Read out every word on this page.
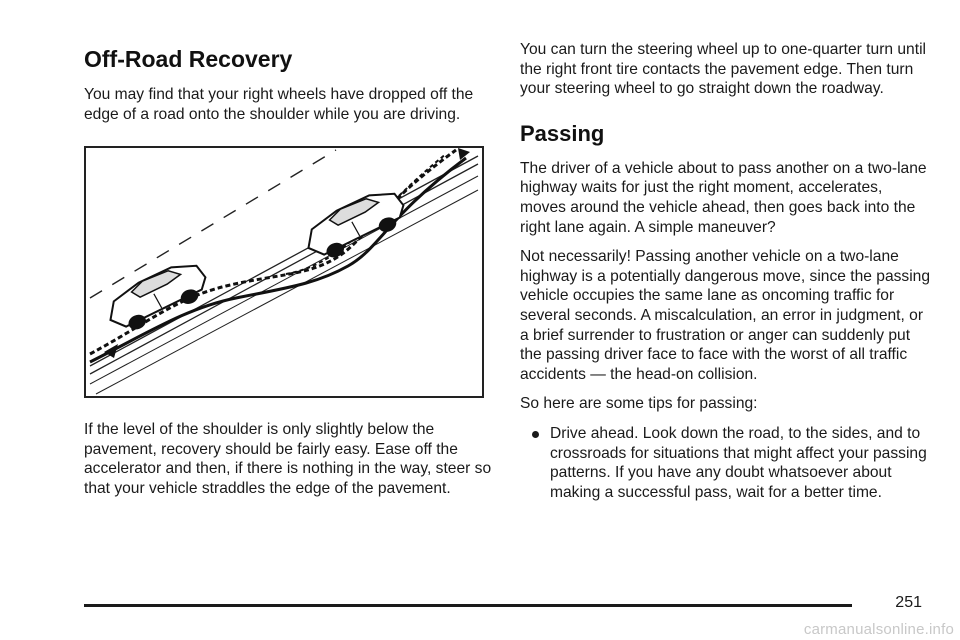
Off-Road Recovery

You may find that your right wheels have dropped off the edge of a road onto the shoulder while you are driving.

If the level of the shoulder is only slightly below the pavement, recovery should be fairly easy. Ease off the accelerator and then, if there is nothing in the way, steer so that your vehicle straddles the edge of the pavement.

You can turn the steering wheel up to one-quarter turn until the right front tire contacts the pavement edge. Then turn your steering wheel to go straight down the roadway.

Passing

The driver of a vehicle about to pass another on a two-lane highway waits for just the right moment, accelerates, moves around the vehicle ahead, then goes back into the right lane again. A simple maneuver?

Not necessarily! Passing another vehicle on a two-lane highway is a potentially dangerous move, since the passing vehicle occupies the same lane as oncoming traffic for several seconds. A miscalculation, an error in judgment, or a brief surrender to frustration or anger can suddenly put the passing driver face to face with the worst of all traffic accidents — the head-on collision.

So here are some tips for passing:

Drive ahead. Look down the road, to the sides, and to crossroads for situations that might affect your passing patterns. If you have any doubt whatsoever about making a successful pass, wait for a better time.
251
carmanualsonline.info
